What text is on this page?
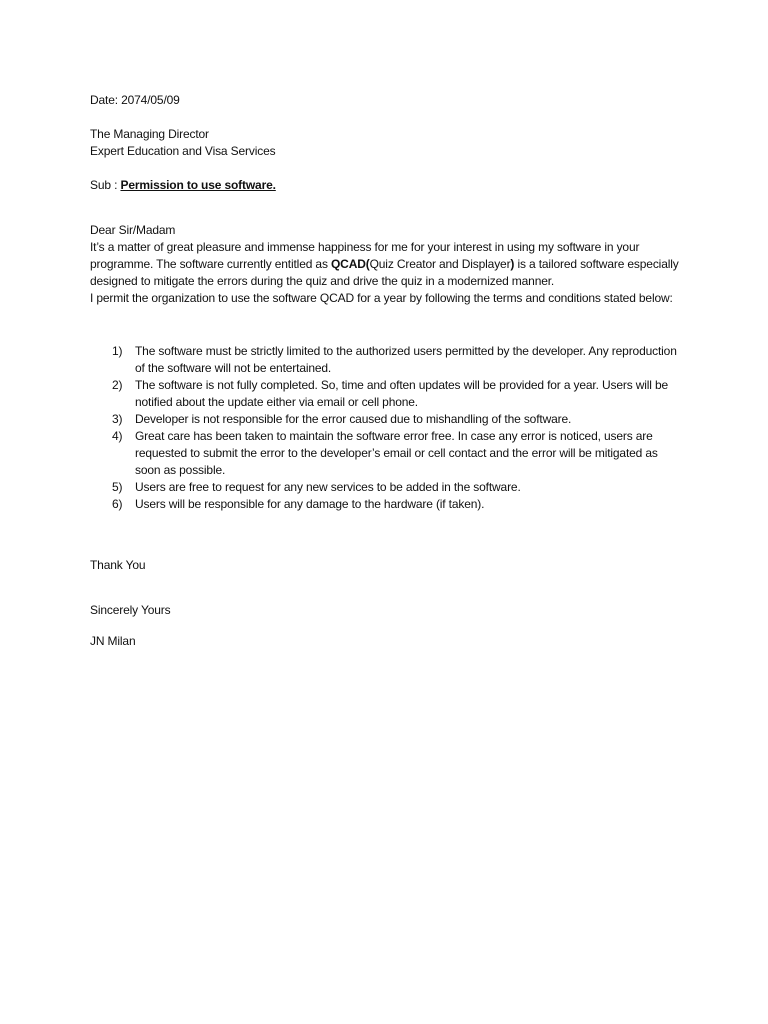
Date: 2074/05/09
The Managing Director
Expert Education and Visa Services
Sub : Permission to use software.
Dear Sir/Madam
It’s a matter of great pleasure and immense happiness for me for your interest in using my software in your programme. The software currently entitled as QCAD(Quiz Creator and Displayer) is a tailored software especially designed to mitigate the errors during the quiz and drive the quiz in a modernized manner.
I permit the organization to use the software QCAD for a year by following the terms and conditions stated below:
1) The software must be strictly limited to the authorized users permitted by the developer. Any reproduction of the software will not be entertained.
2) The software is not fully completed. So, time and often updates will be provided for a year. Users will be notified about the update either via email or cell phone.
3) Developer is not responsible for the error caused due to mishandling of the software.
4) Great care has been taken to maintain the software error free. In case any error is noticed, users are requested to submit the error to the developer’s email or cell contact and the error will be mitigated as soon as possible.
5) Users are free to request for any new services to be added in the software.
6) Users will be responsible for any damage to the hardware (if taken).
Thank You
Sincerely Yours
JN Milan
